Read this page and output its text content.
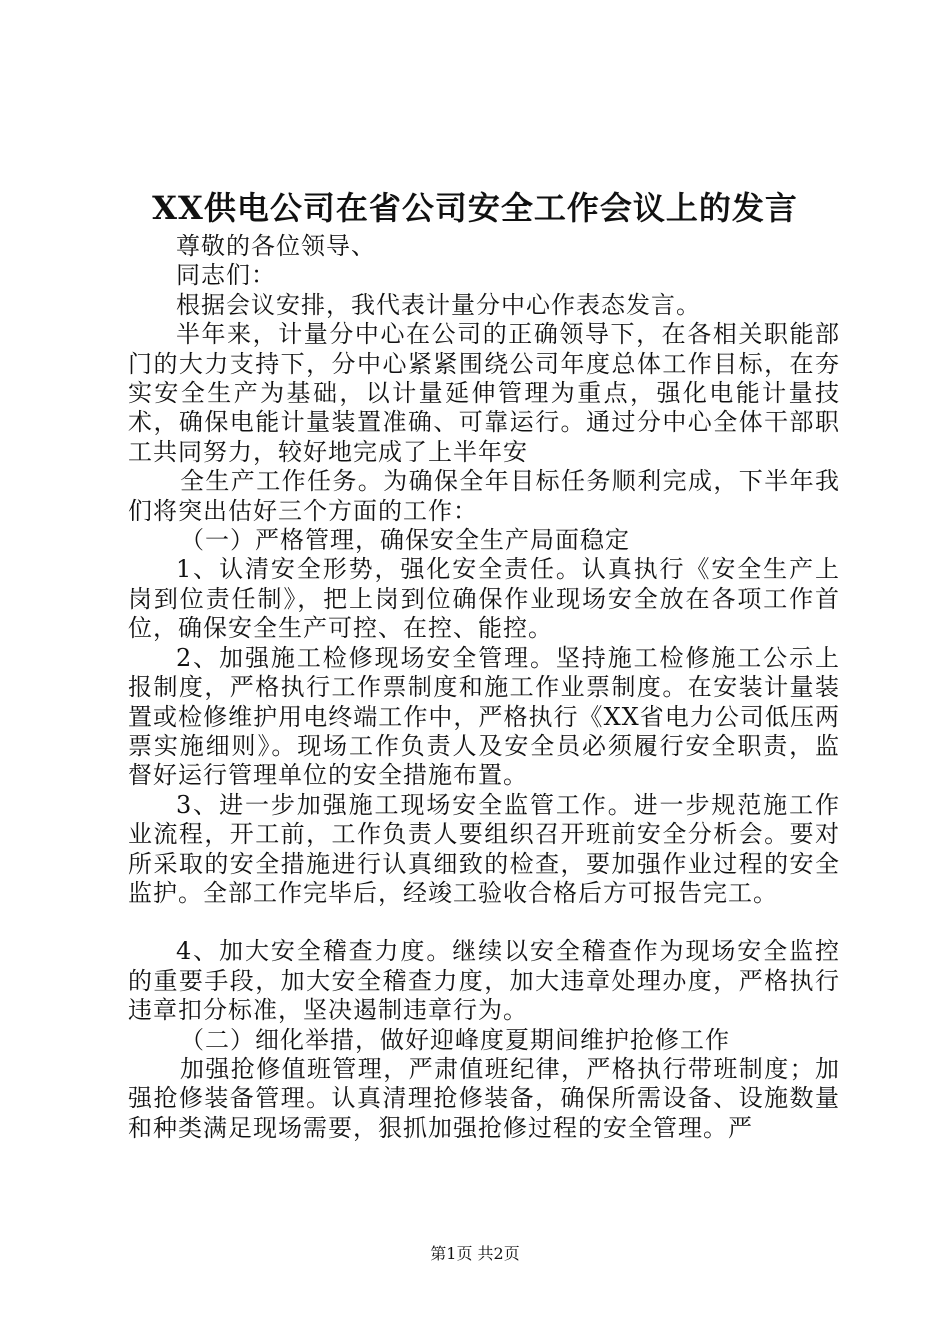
XX供电公司在省公司安全工作会议上的发言

尊敬的各位领导、

同志们：

根据会议安排，我代表计量分中心作表态发言。

半年来，计量分中心在公司的正确领导下，在各相关职能部门的大力支持下，分中心紧紧围绕公司年度总体工作目标，在夯实安全生产为基础，以计量延伸管理为重点，强化电能计量技术，确保电能计量装置准确、可靠运行。通过分中心全体干部职工共同努力，较好地完成了上半年安

全生产工作任务。为确保全年目标任务顺利完成，下半年我们将突出估好三个方面的工作：

（一）严格管理，确保安全生产局面稳定

1、认清安全形势，强化安全责任。认真执行《安全生产上岗到位责任制》，把上岗到位确保作业现场安全放在各项工作首位，确保安全生产可控、在控、能控。

2、加强施工检修现场安全管理。坚持施工检修施工公示上报制度，严格执行工作票制度和施工作业票制度。在安装计量装置或检修维护用电终端工作中，严格执行《XX省电力公司低压两票实施细则》。现场工作负责人及安全员必须履行安全职责，监督好运行管理单位的安全措施布置。

3、进一步加强施工现场安全监管工作。进一步规范施工作业流程，开工前，工作负责人要组织召开班前安全分析会。要对所采取的安全措施进行认真细致的检查，要加强作业过程的安全监护。全部工作完毕后，经竣工验收合格后方可报告完工。

4、加大安全稽查力度。继续以安全稽查作为现场安全监控的重要手段，加大安全稽查力度，加大违章处理办度，严格执行违章扣分标准，坚决遏制违章行为。

（二）细化举措，做好迎峰度夏期间维护抢修工作

加强抢修值班管理，严肃值班纪律，严格执行带班制度；加强抢修装备管理。认真清理抢修装备，确保所需设备、设施数量和种类满足现场需要，狠抓加强抢修过程的安全管理。严

第1页 共2页
